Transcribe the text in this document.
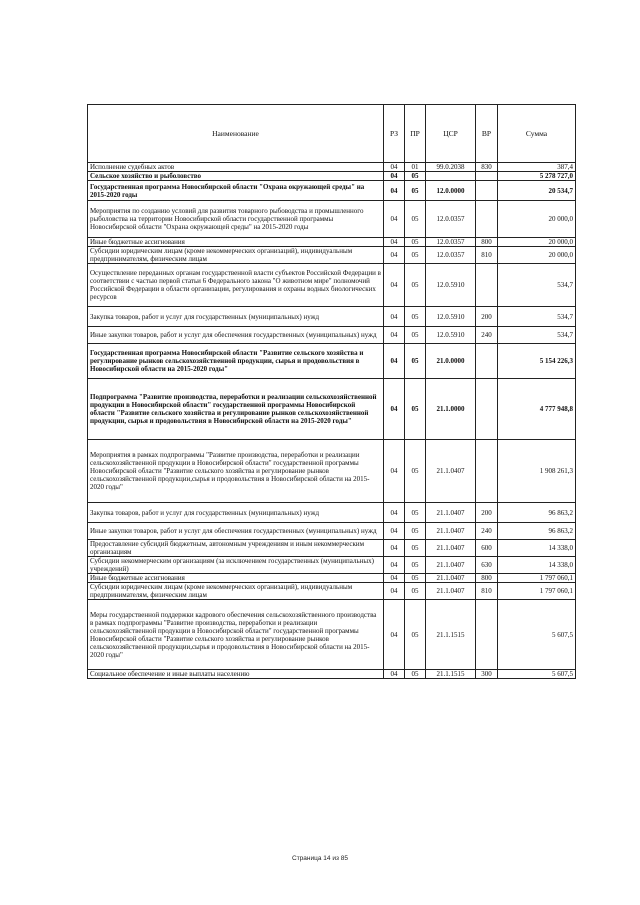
Наименование	РЗ	ПР	ЦСР	ВР	Сумма
Исполнение судебных актов	04	01	99.0.2038	830	387,4
Сельское хозяйство и рыболовство	04	05			5 278 727,0
Государственная программа Новосибирской области "Охрана окружающей среды" на 2015-2020 годы	04	05	12.0.0000		20 534,7
Мероприятия по созданию условий для развития товарного рыбоводства и промышленного рыболовства на территории Новосибирской области государственной программы Новосибирской области "Охрана окружающей среды" на 2015-2020 годы	04	05	12.0.0357		20 000,0
Иные бюджетные ассигнования	04	05	12.0.0357	800	20 000,0
Субсидии юридическим лицам (кроме некоммерческих организаций), индивидуальным предпринимателям, физическим лицам	04	05	12.0.0357	810	20 000,0
Осуществление переданных органам государственной власти субъектов Российской Федерации в соответствии с частью первой статьи 6 Федерального закона "О животном мире" полномочий Российской Федерации в области организации, регулирования и охраны водных биологических ресурсов	04	05	12.0.5910		534,7
Закупка товаров, работ и услуг для государственных (муниципальных) нужд	04	05	12.0.5910	200	534,7
Иные закупки товаров, работ и услуг для обеспечения государственных (муниципальных) нужд	04	05	12.0.5910	240	534,7
Государственная программа Новосибирской области "Развитие сельского хозяйства и регулирование рынков сельскохозяйственной продукции, сырья и продовольствия в Новосибирской области на 2015-2020 годы"	04	05	21.0.0000		5 154 226,3
Подпрограмма "Развитие производства, переработки и реализации сельскохозяйственной продукции в Новосибирской области" государственной программы Новосибирской области "Развитие сельского хозяйства и регулирование рынков сельскохозяйственной продукции, сырья и продовольствия в Новосибирской области на 2015-2020 годы"	04	05	21.1.0000		4 777 948,8
Мероприятия в рамках подпрограммы "Развитие производства, переработки и реализации сельскохозяйственной продукции в Новосибирской области" государственной программы Новосибирской области "Развитие сельского хозяйства и регулирование рынков сельскохозяйственной продукции,сырья и продовольствия в Новосибирской области на 2015-2020 годы"	04	05	21.1.0407		1 908 261,3
Закупка товаров, работ и услуг для государственных (муниципальных) нужд	04	05	21.1.0407	200	96 863,2
Иные закупки товаров, работ и услуг для обеспечения государственных (муниципальных) нужд	04	05	21.1.0407	240	96 863,2
Предоставление субсидий бюджетным, автономным учреждениям и иным некоммерческим организациям	04	05	21.1.0407	600	14 338,0
Субсидии некоммерческим организациям (за исключением государственных (муниципальных) учреждений)	04	05	21.1.0407	630	14 338,0
Иные бюджетные ассигнования	04	05	21.1.0407	800	1 797 060,1
Субсидии юридическим лицам (кроме некоммерческих организаций), индивидуальным предпринимателям, физическим лицам	04	05	21.1.0407	810	1 797 060,1
Меры государственной поддержки кадрового обеспечения сельскохозяйственного производства в рамках подпрограммы "Развитие производства, переработки и реализации сельскохозяйственной продукции в Новосибирской области" государственной программы Новосибирской области "Развитие сельского хозяйства и регулирование рынков сельскохозяйственной продукции,сырья и продовольствия в Новосибирской области на 2015-2020 годы"	04	05	21.1.1515		5 607,5
Социальное обеспечение и иные выплаты населению	04	05	21.1.1515	300	5 607,5
Страница 14 из 85
